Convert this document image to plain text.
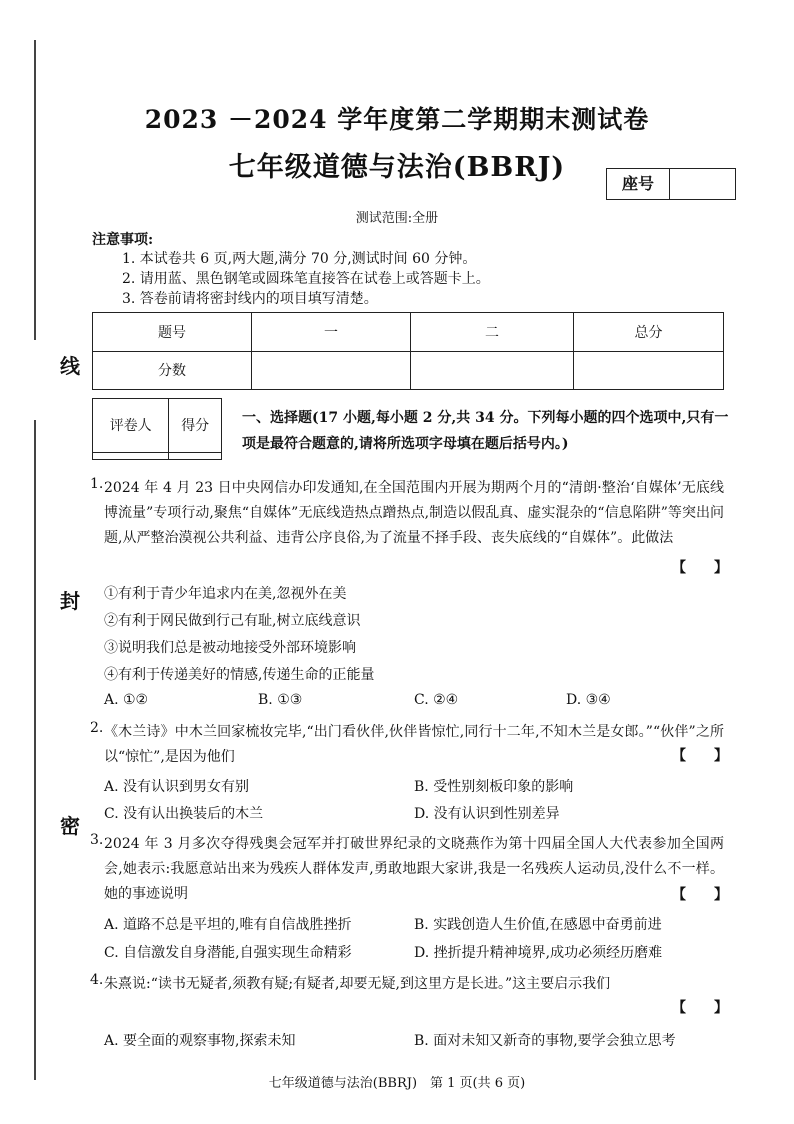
线
封
密
2023 －2024 学年度第二学期期末测试卷
七年级道德与法治(BBRJ)
座号
测试范围:全册
注意事项:
1. 本试卷共 6 页,两大题,满分 70 分,测试时间 60 分钟。
2. 请用蓝、黑色钢笔或圆珠笔直接答在试卷上或答题卡上。
3. 答卷前请将密封线内的项目填写清楚。
题号	一	二	总分
分数			
评卷人	得分

一、选择题(17 小题,每小题 2 分,共 34 分。下列每小题的四个选项中,只有一项是最符合题意的,请将所选项字母填在题后括号内。)
1. 2024 年 4 月 23 日中央网信办印发通知,在全国范围内开展为期两个月的“清朗·整治‘自媒体’无底线博流量”专项行动,聚焦“自媒体”无底线造热点蹭热点,制造以假乱真、虚实混杂的“信息陷阱”等突出问题,从严整治漠视公共利益、违背公序良俗,为了流量不择手段、丧失底线的“自媒体”。此做法
【　　】
①有利于青少年追求内在美,忽视外在美
②有利于网民做到行己有耻,树立底线意识
③说明我们总是被动地接受外部环境影响
④有利于传递美好的情感,传递生命的正能量
A. ①②	B. ①③	C. ②④	D. ③④
2. 《木兰诗》中木兰回家梳妆完毕,“出门看伙伴,伙伴皆惊忙,同行十二年,不知木兰是女郎。”“伙伴”之所以“惊忙”,是因为他们	【　　】
A. 没有认识到男女有别	B. 受性别刻板印象的影响
C. 没有认出换装后的木兰	D. 没有认识到性别差异
3. 2024 年 3 月多次夺得残奥会冠军并打破世界纪录的文晓燕作为第十四届全国人大代表参加全国两会,她表示:我愿意站出来为残疾人群体发声,勇敢地跟大家讲,我是一名残疾人运动员,没什么不一样。她的事迹说明	【　　】
A. 道路不总是平坦的,唯有自信战胜挫折	B. 实践创造人生价值,在感恩中奋勇前进
C. 自信激发自身潜能,自强实现生命精彩	D. 挫折提升精神境界,成功必须经历磨难
4. 朱熹说:“读书无疑者,须教有疑;有疑者,却要无疑,到这里方是长进。”这主要启示我们
【　　】
A. 要全面的观察事物,探索未知	B. 面对未知又新奇的事物,要学会独立思考
七年级道德与法治(BBRJ)　第 1 页(共 6 页)
